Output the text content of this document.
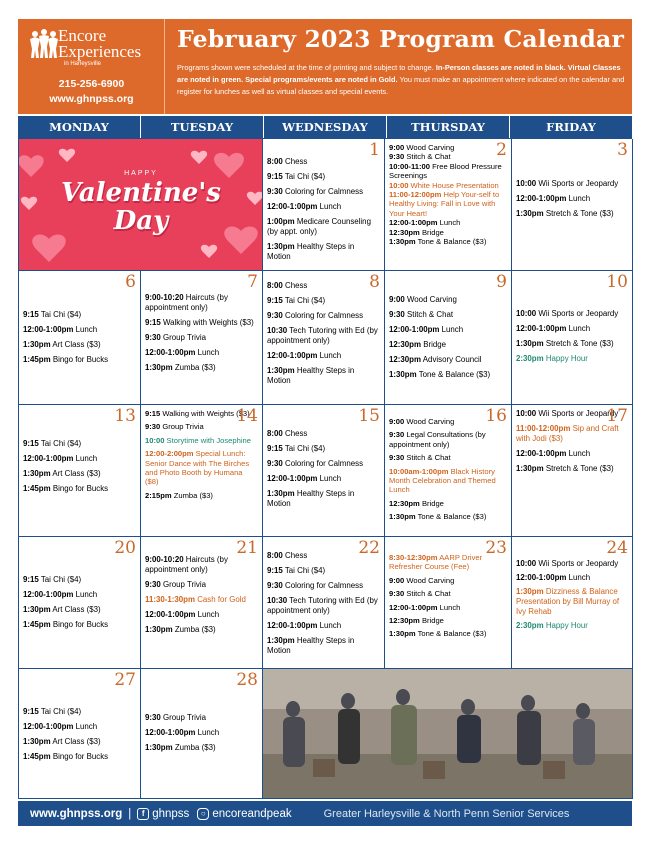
Encore
Experiences
in Harleysville
215-256-6900
www.ghnpss.org
February 2023 Program Calendar
Programs shown were scheduled at the time of printing and subject to change. In-Person classes are noted in black. Virtual Classes are noted in green. Special programs/events are noted in Gold. You must make an appointment where indicated on the calendar and register for lunches as well as virtual classes and special events.
MONDAY	TUESDAY	WEDNESDAY	THURSDAY	FRIDAY
HAPPY
Valentine's
Day
1
8:00 Chess
9:15 Tai Chi ($4)
9:30 Coloring for Calmness
12:00-1:00pm Lunch
1:00pm Medicare Counseling (by appt. only)
1:30pm Healthy Steps in Motion
2
9:00 Wood Carving
9:30 Stitch & Chat
10:00-11:00 Free Blood Pressure Screenings
10:00 White House Presentation
11:00-12:00pm Help Your-self to Healthy Living: Fall in Love with Your Heart!
12:00-1:00pm Lunch
12:30pm Bridge
1:30pm Tone & Balance ($3)
3
10:00 Wii Sports or Jeopardy
12:00-1:00pm Lunch
1:30pm Stretch & Tone ($3)
6
9:15 Tai Chi ($4)
12:00-1:00pm Lunch
1:30pm Art Class ($3)
1:45pm Bingo for Bucks
7
9:00-10:20 Haircuts (by appointment only)
9:15 Walking with Weights ($3)
9:30 Group Trivia
12:00-1:00pm Lunch
1:30pm Zumba ($3)
8
8:00 Chess
9:15 Tai Chi ($4)
9:30 Coloring for Calmness
10:30 Tech Tutoring with Ed (by appointment only)
12:00-1:00pm Lunch
1:30pm Healthy Steps in Motion
9
9:00 Wood Carving
9:30 Stitch & Chat
12:00-1:00pm Lunch
12:30pm Bridge
12:30pm Advisory Council
1:30pm Tone & Balance ($3)
10
10:00 Wii Sports or Jeopardy
12:00-1:00pm Lunch
1:30pm Stretch & Tone ($3)
2:30pm Happy Hour
13
9:15 Tai Chi ($4)
12:00-1:00pm Lunch
1:30pm Art Class ($3)
1:45pm Bingo for Bucks
14
9:15 Walking with Weights ($3)
9:30 Group Trivia
10:00 Storytime with Josephine
12:00-2:00pm Special Lunch: Senior Dance with The Birches and Photo Booth by Humana ($8)
2:15pm Zumba ($3)
15
8:00 Chess
9:15 Tai Chi ($4)
9:30 Coloring for Calmness
12:00-1:00pm Lunch
1:30pm Healthy Steps in Motion
16
9:00 Wood Carving
9:30 Legal Consultations (by appointment only)
9:30 Stitch & Chat
10:00am-1:00pm Black History Month Celebration and Themed Lunch
12:30pm Bridge
1:30pm Tone & Balance ($3)
17
10:00 Wii Sports or Jeopardy
11:00-12:00pm Sip and Craft with Jodi ($3)
12:00-1:00pm Lunch
1:30pm Stretch & Tone ($3)
20
9:15 Tai Chi ($4)
12:00-1:00pm Lunch
1:30pm Art Class ($3)
1:45pm Bingo for Bucks
21
9:00-10:20 Haircuts (by appointment only)
9:30 Group Trivia
11:30-1:30pm Cash for Gold
12:00-1:00pm Lunch
1:30pm Zumba ($3)
22
8:00 Chess
9:15 Tai Chi ($4)
9:30 Coloring for Calmness
10:30 Tech Tutoring with Ed (by appointment only)
12:00-1:00pm Lunch
1:30pm Healthy Steps in Motion
23
8:30-12:30pm AARP Driver Refresher Course (Fee)
9:00 Wood Carving
9:30 Stitch & Chat
12:00-1:00pm Lunch
12:30pm Bridge
1:30pm Tone & Balance ($3)
24
10:00 Wii Sports or Jeopardy
12:00-1:00pm Lunch
1:30pm Dizziness & Balance Presentation by Bill Murray of Ivy Rehab
2:30pm Happy Hour
27
9:15 Tai Chi ($4)
12:00-1:00pm Lunch
1:30pm Art Class ($3)
1:45pm Bingo for Bucks
28
9:30 Group Trivia
12:00-1:00pm Lunch
1:30pm Zumba ($3)
www.ghnpss.org |	f ghnpss	○ encoreandpeak	Greater Harleysville & North Penn Senior Services
